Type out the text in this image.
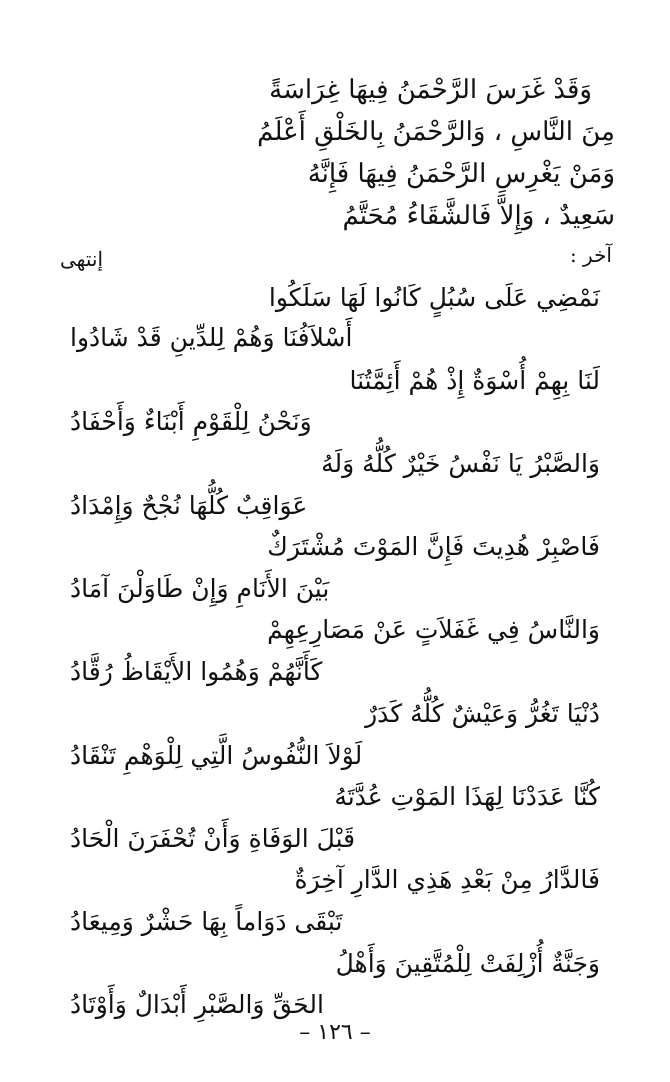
وَقَدْ غَرَسَ الرَّحْمَنُ فِيهَا غِرَاسَةً
مِنَ النَّاسِ ، وَالرَّحْمَنُ بِالخَلْقِ أَعْلَمُ
وَمَنْ يَغْرِسِ الرَّحْمَنُ فِيهَا فَإِنَّهُ
سَعِيدٌ ، وَإِلاَّ فَالشَّقَاءُ مُحَتَّمُ
آخر :
إنتهى
نَمْضِي عَلَى سُبُلٍ كَانُوا لَهَا سَلَكُوا
أَسْلاَفُنَا وَهُمْ لِلدِّينِ قَدْ شَادُوا
لَنَا بِهِمْ أُسْوَةٌ إِذْ هُمْ أَئِمَّتُنَا
وَنَحْنُ لِلْقَوْمِ أَبْنَاءٌ وَأَحْفَادُ
وَالصَّبْرُ يَا نَفْسُ خَيْرٌ كُلُّهُ وَلَهُ
عَوَاقِبٌ كُلُّهَا نُجْحٌ وَإِمْدَادُ
فَاصْبِرْ هُدِيتَ فَإِنَّ المَوْتَ مُشْتَرَكٌ
بَيْنَ الأَنَامِ وَإِنْ طَاوَلْنَ آمَادُ
وَالنَّاسُ فِي غَفَلاَتٍ عَنْ مَصَارِعِهِمْ
كَأَنَّهُمْ وَهُمُوا الأَيْقَاظُ رُقَّادُ
دُنْيَا تَغُرُّ وَعَيْشٌ كُلُّهُ كَدَرٌ
لَوْلاَ النُّفُوسُ الَّتِي لِلْوَهْمِ تَنْقَادُ
كُنَّا عَدَدْنَا لِهَذَا المَوْتِ عُدَّتَهُ
قَبْلَ الوَفَاةِ وَأَنْ تُحْفَرَنَ الْحَادُ
فَالدَّارُ مِنْ بَعْدِ هَذِي الدَّارِ آخِرَةٌ
تَبْقَى دَوَاماً بِهَا حَشْرٌ وَمِيعَادُ
وَجَنَّةٌ أُزْلِفَتْ لِلْمُتَّقِينَ وَأَهْلُ
الحَقِّ وَالصَّبْرِ أَبْدَالٌ وَأَوْتَادُ
– ١٢٦ –
